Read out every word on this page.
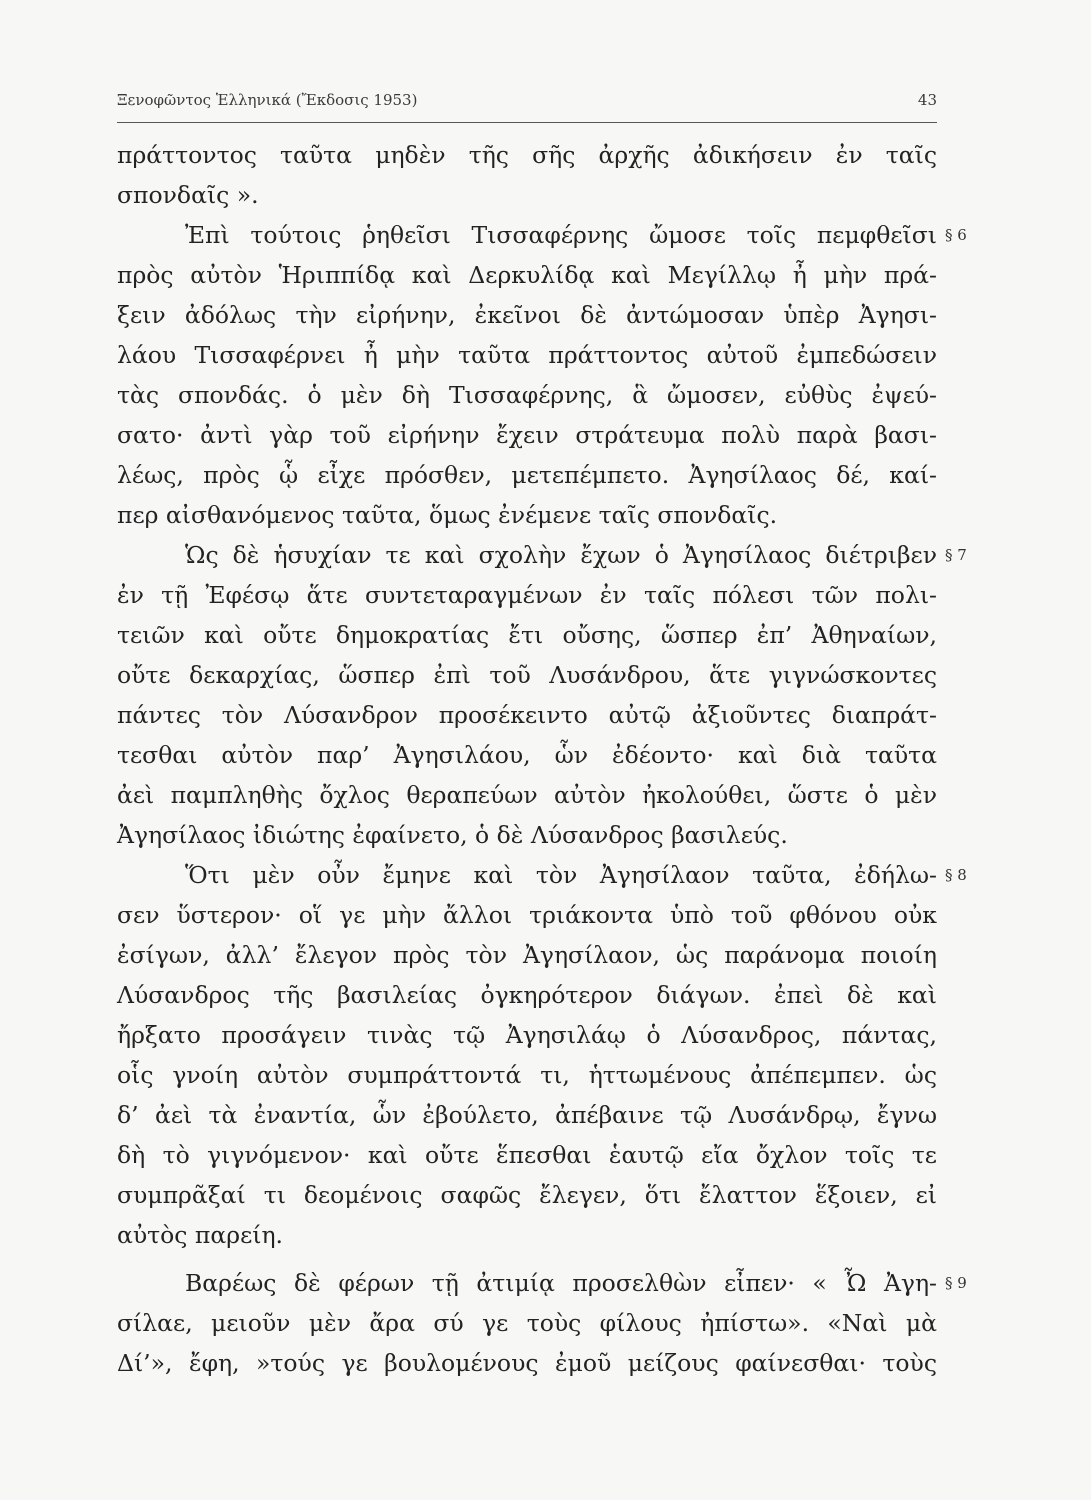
Ξενοφῶντος Ἑλληνικά (Ἔκδοσις 1953)	43
πράττοντος ταῦτα μηδὲν τῆς σῆς ἀρχῆς ἀδικήσειν ἐν ταῖς
σπονδαῖς ».
Ἐπὶ τούτοις ῥηθεῖσι Τισσαφέρνης ὤμοσε τοῖς πεμφθεῖσι
πρὸς αὐτὸν Ἡριππίδᾳ καὶ Δερκυλίδᾳ καὶ Μεγίλλῳ ἦ μὴν πρά-
ξειν ἀδόλως τὴν εἰρήνην, ἐκεῖνοι δὲ ἀντώμοσαν ὑπὲρ Ἀγησι-
λάου Τισσαφέρνει ἦ μὴν ταῦτα πράττοντος αὐτοῦ ἐμπεδώσειν
τὰς σπονδάς. ὁ μὲν δὴ Τισσαφέρνης, ἃ ὤμοσεν, εὐθὺς ἐψεύ-
σατο· ἀντὶ γὰρ τοῦ εἰρήνην ἔχειν στράτευμα πολὺ παρὰ βασι-
λέως, πρὸς ᾧ εἶχε πρόσθεν, μετεπέμπετο. Ἀγησίλαος δέ, καί-
περ αἰσθανόμενος ταῦτα, ὅμως ἐνέμενε ταῖς σπονδαῖς.
Ὡς δὲ ἡσυχίαν τε καὶ σχολὴν ἔχων ὁ Ἀγησίλαος διέτριβεν
ἐν τῇ Ἐφέσῳ ἅτε συντεταραγμένων ἐν ταῖς πόλεσι τῶν πολι-
τειῶν καὶ οὔτε δημοκρατίας ἔτι οὔσης, ὥσπερ ἐπ’ Ἀθηναίων,
οὔτε δεκαρχίας, ὥσπερ ἐπὶ τοῦ Λυσάνδρου, ἅτε γιγνώσκοντες
πάντες τὸν Λύσανδρον προσέκειντο αὐτῷ ἀξιοῦντες διαπράτ-
τεσθαι αὐτὸν παρ’ Ἀγησιλάου, ὧν ἐδέοντο· καὶ διὰ ταῦτα
ἀεὶ παμπληθὴς ὄχλος θεραπεύων αὐτὸν ἠκολούθει, ὥστε ὁ μὲν
Ἀγησίλαος ἰδιώτης ἐφαίνετο, ὁ δὲ Λύσανδρος βασιλεύς.
Ὅτι μὲν οὖν ἔμηνε καὶ τὸν Ἀγησίλαον ταῦτα, ἐδήλω-
σεν ὕστερον· οἵ γε μὴν ἄλλοι τριάκοντα ὑπὸ τοῦ φθόνου οὐκ
ἐσίγων, ἀλλ’ ἔλεγον πρὸς τὸν Ἀγησίλαον, ὡς παράνομα ποιοίη
Λύσανδρος τῆς βασιλείας ὀγκηρότερον διάγων. ἐπεὶ δὲ καὶ
ἤρξατο προσάγειν τινὰς τῷ Ἀγησιλάῳ ὁ Λύσανδρος, πάντας,
οἷς γνοίη αὐτὸν συμπράττοντά τι, ἡττωμένους ἀπέπεμπεν. ὡς
δ’ ἀεὶ τὰ ἐναντία, ὧν ἐβούλετο, ἀπέβαινε τῷ Λυσάνδρῳ, ἔγνω
δὴ τὸ γιγνόμενον· καὶ οὔτε ἕπεσθαι ἑαυτῷ εἴα ὄχλον τοῖς τε
συμπρᾶξαί τι δεομένοις σαφῶς ἔλεγεν, ὅτι ἔλαττον ἕξοιεν, εἰ
αὐτὸς παρείη.
Βαρέως δὲ φέρων τῇ ἀτιμίᾳ προσελθὼν εἶπεν· « Ὦ Ἀγη-
σίλαε, μειοῦν μὲν ἄρα σύ γε τοὺς φίλους ἠπίστω». «Ναὶ μὰ
Δί’», ἔφη, »τούς γε βουλομένους ἐμοῦ μείζους φαίνεσθαι· τοὺς
§ 6
§ 7
§ 8
§ 9
